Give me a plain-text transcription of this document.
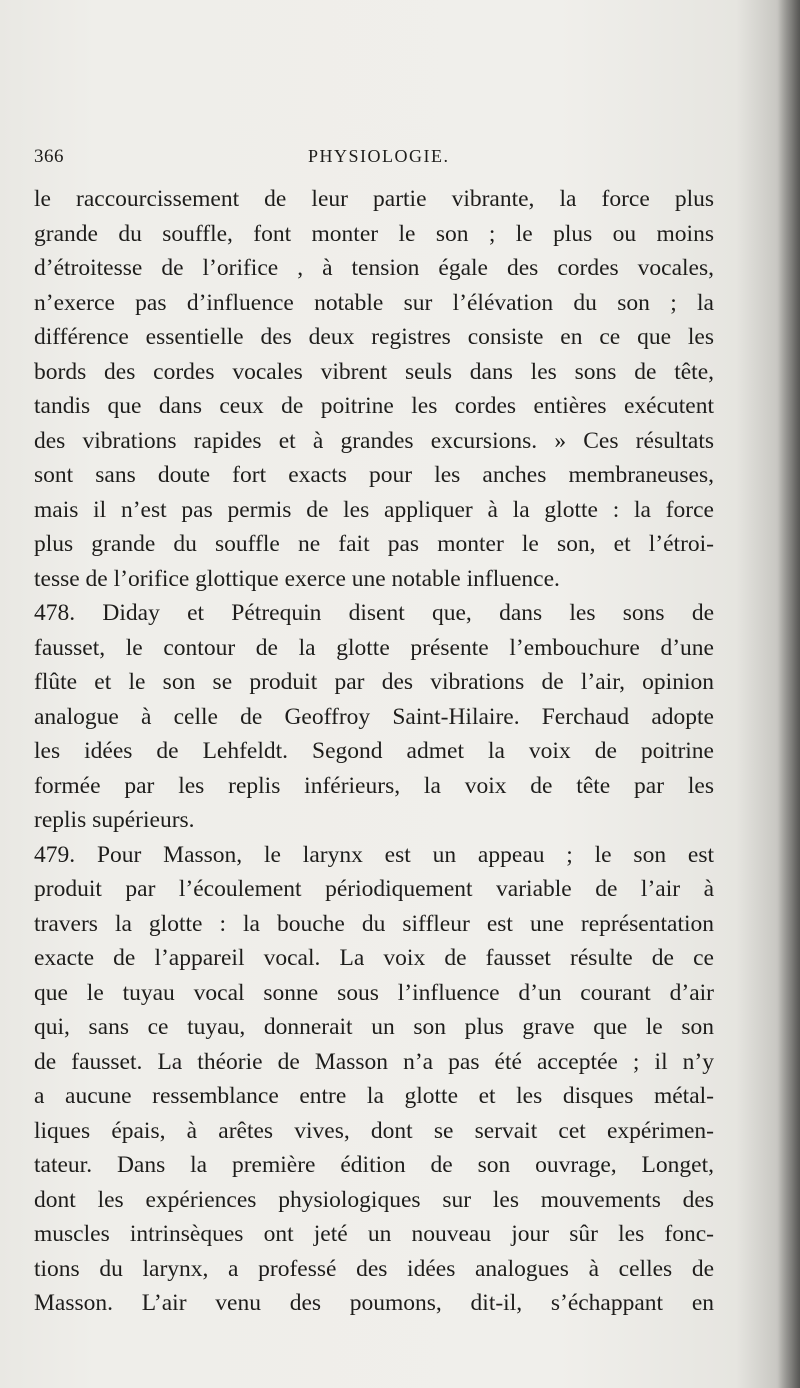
366	PHYSIOLOGIE.
le raccourcissement de leur partie vibrante, la force plus
grande du souffle, font monter le son ; le plus ou moins
d’étroitesse de l’orifice , à tension égale des cordes vocales,
n’exerce pas d’influence notable sur l’élévation du son ; la
différence essentielle des deux registres consiste en ce que les
bords des cordes vocales vibrent seuls dans les sons de tête,
tandis que dans ceux de poitrine les cordes entières exécutent
des vibrations rapides et à grandes excursions. » Ces résultats
sont sans doute fort exacts pour les anches membraneuses,
mais il n’est pas permis de les appliquer à la glotte : la force
plus grande du souffle ne fait pas monter le son, et l’étroi-
tesse de l’orifice glottique exerce une notable influence.
478. Diday et Pétrequin disent que, dans les sons de
fausset, le contour de la glotte présente l’embouchure d’une
flûte et le son se produit par des vibrations de l’air, opinion
analogue à celle de Geoffroy Saint-Hilaire. Ferchaud adopte
les idées de Lehfeldt. Segond admet la voix de poitrine
formée par les replis inférieurs, la voix de tête par les
replis supérieurs.
479. Pour Masson, le larynx est un appeau ; le son est
produit par l’écoulement périodiquement variable de l’air à
travers la glotte : la bouche du siffleur est une représentation
exacte de l’appareil vocal. La voix de fausset résulte de ce
que le tuyau vocal sonne sous l’influence d’un courant d’air
qui, sans ce tuyau, donnerait un son plus grave que le son
de fausset. La théorie de Masson n’a pas été acceptée ; il n’y
a aucune ressemblance entre la glotte et les disques métal-
liques épais, à arêtes vives, dont se servait cet expérimen-
tateur. Dans la première édition de son ouvrage, Longet,
dont les expériences physiologiques sur les mouvements des
muscles intrinsèques ont jeté un nouveau jour sûr les fonc-
tions du larynx, a professé des idées analogues à celles de
Masson. L’air venu des poumons, dit-il, s’échappant en
